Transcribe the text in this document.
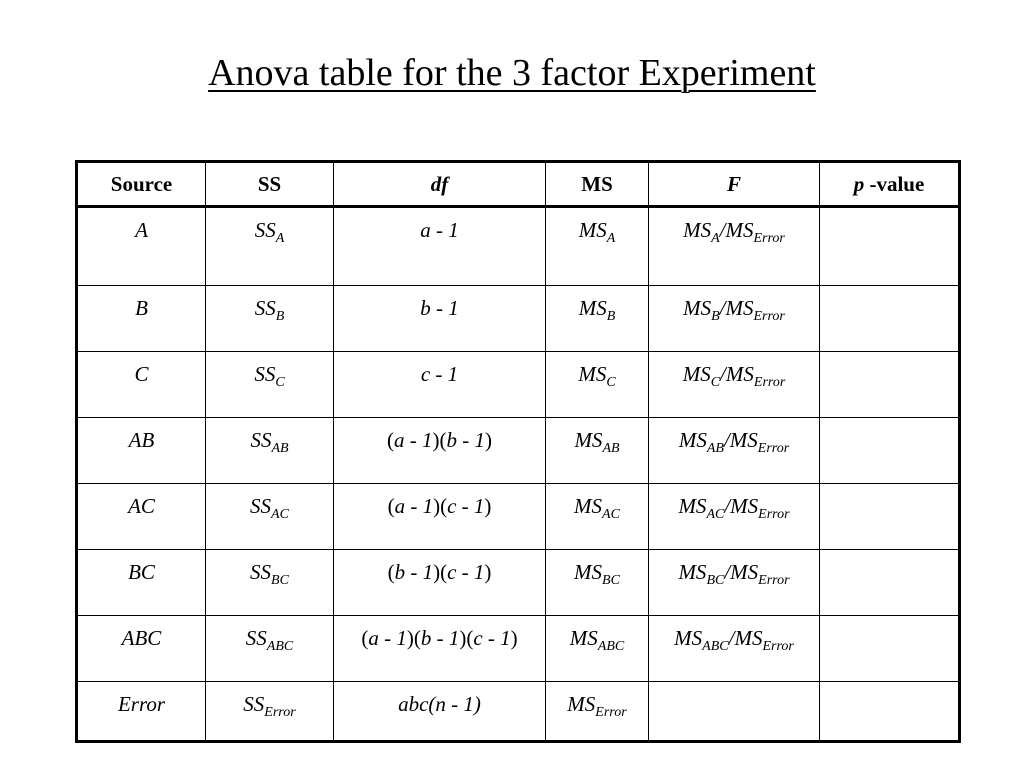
Anova table for the 3 factor Experiment
Source	SS	df	MS	F	p -value
A	$SS_A$	a - 1	$MS_A$	$MS_A/MS_{Error}$	
B	$SS_B$	b - 1	$MS_B$	$MS_B/MS_{Error}$	
C	$SS_C$	c - 1	$MS_C$	$MS_C/MS_{Error}$	
AB	$SS_{AB}$	(a - 1)(b - 1)	$MS_{AB}$	$MS_{AB}/MS_{Error}$	
AC	$SS_{AC}$	(a - 1)(c - 1)	$MS_{AC}$	$MS_{AC}/MS_{Error}$	
BC	$SS_{BC}$	(b - 1)(c - 1)	$MS_{BC}$	$MS_{BC}/MS_{Error}$	
ABC	$SS_{ABC}$	(a - 1)(b - 1)(c - 1)	$MS_{ABC}$	$MS_{ABC}/MS_{Error}$	
Error	$SS_{Error}$	abc(n - 1)	$MS_{Error}$		
